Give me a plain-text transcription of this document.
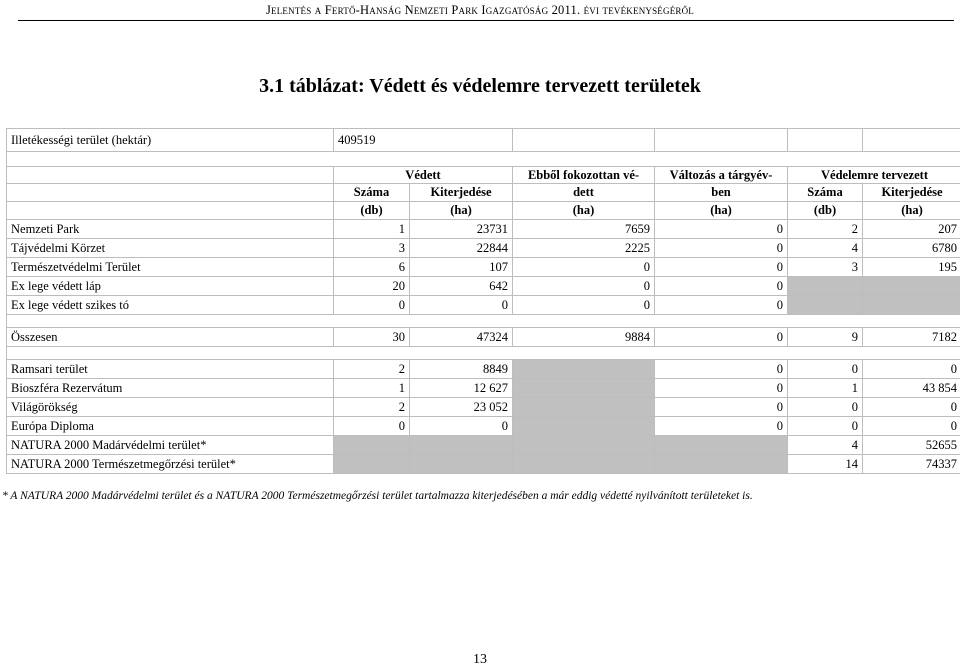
Jelentés a Fertő-Hanság Nemzeti Park Igazgatóság 2011. évi tevékenységéről
3.1 táblázat: Védett és védelemre tervezett területek
Illetékességi terület (hektár)	409519					

	Védett		Ebből fokozottan vé-	Változás a tárgyév-	Védelemre tervezett	
	Száma	Kiterjedése	dett	ben	Száma	Kiterjedése
	(db)	(ha)	(ha)	(ha)	(db)	(ha)
Nemzeti Park	1	23731	7659	0	2	207
Tájvédelmi Körzet	3	22844	2225	0	4	6780
Természetvédelmi Terület	6	107	0	0	3	195
Ex lege védett láp	20	642	0	0		
Ex lege védett szikes tó	0	0	0	0		

Összesen	30	47324	9884	0	9	7182

Ramsari terület	2	8849		0	0	0
Bioszféra Rezervátum	1	12 627		0	1	43 854
Világörökség	2	23 052		0	0	0
Európa Diploma	0	0		0	0	0
NATURA 2000 Madárvédelmi terület*					4	52655
NATURA 2000 Természetmegőrzési terület*					14	74337
* A NATURA 2000 Madárvédelmi terület és a NATURA 2000 Természetmegőrzési terület tartalmazza kiterjedésében a már eddig védetté nyilvánított területeket is.
13
